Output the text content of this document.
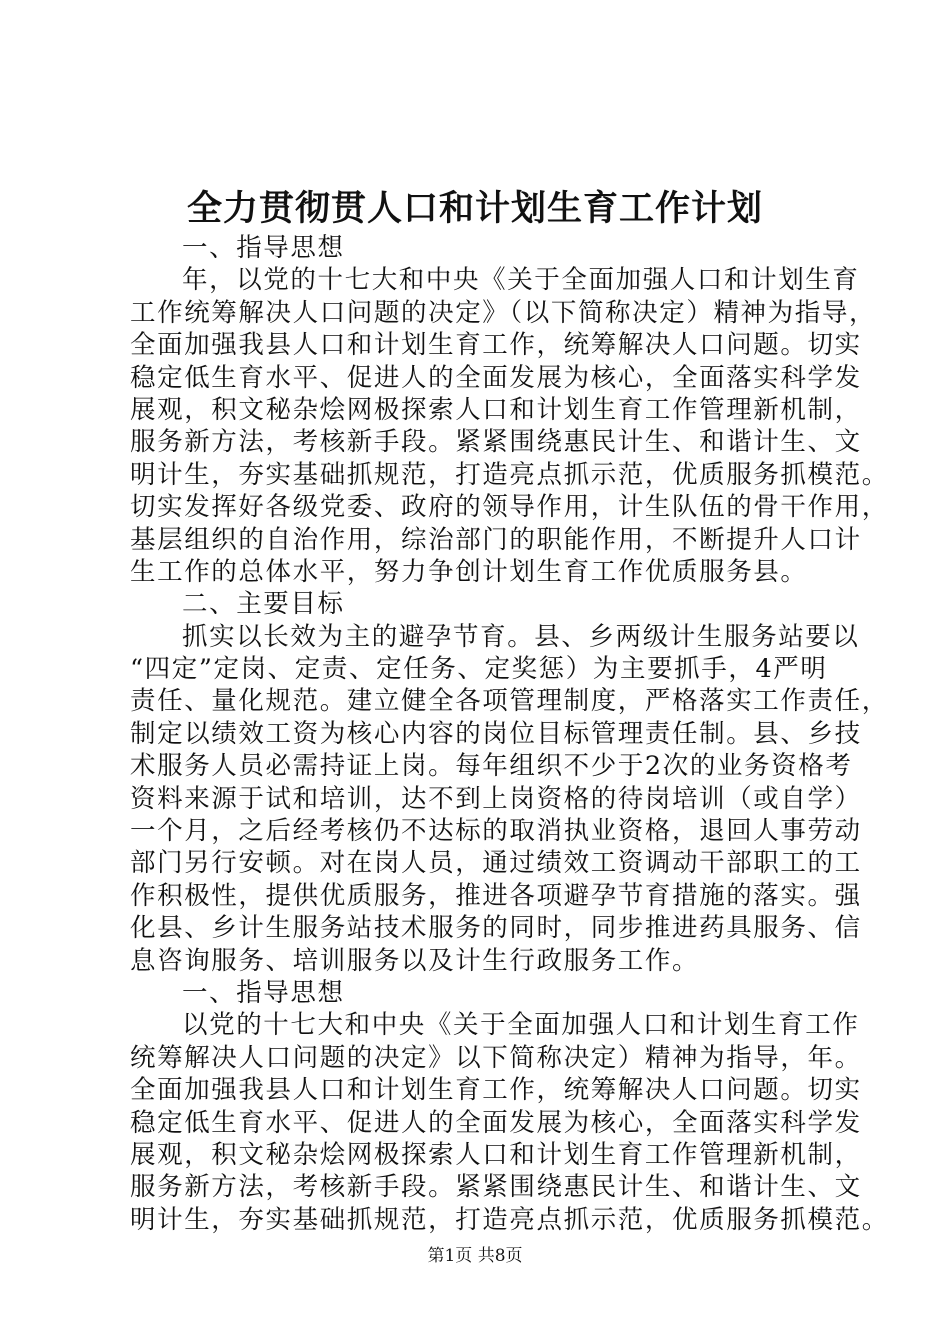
全力贯彻贯人口和计划生育工作计划
一、指导思想
年，以党的十七大和中央《关于全面加强人口和计划生育
工作统筹解决人口问题的决定》（以下简称决定）精神为指导，
全面加强我县人口和计划生育工作，统筹解决人口问题。切实
稳定低生育水平、促进人的全面发展为核心，全面落实科学发
展观，积文秘杂烩网极探索人口和计划生育工作管理新机制，
服务新方法，考核新手段。紧紧围绕惠民计生、和谐计生、文
明计生，夯实基础抓规范，打造亮点抓示范，优质服务抓模范。
切实发挥好各级党委、政府的领导作用，计生队伍的骨干作用，
基层组织的自治作用，综治部门的职能作用，不断提升人口计
生工作的总体水平，努力争创计划生育工作优质服务县。
二、主要目标
抓实以长效为主的避孕节育。县、乡两级计生服务站要以
“四定”定岗、定责、定任务、定奖惩）为主要抓手，4严明
责任、量化规范。建立健全各项管理制度，严格落实工作责任，
制定以绩效工资为核心内容的岗位目标管理责任制。县、乡技
术服务人员必需持证上岗。每年组织不少于2次的业务资格考
资料来源于试和培训，达不到上岗资格的待岗培训（或自学）
一个月，之后经考核仍不达标的取消执业资格，退回人事劳动
部门另行安顿。对在岗人员，通过绩效工资调动干部职工的工
作积极性，提供优质服务，推进各项避孕节育措施的落实。强
化县、乡计生服务站技术服务的同时，同步推进药具服务、信
息咨询服务、培训服务以及计生行政服务工作。
一、指导思想
以党的十七大和中央《关于全面加强人口和计划生育工作
统筹解决人口问题的决定》以下简称决定）精神为指导，年。
全面加强我县人口和计划生育工作，统筹解决人口问题。切实
稳定低生育水平、促进人的全面发展为核心，全面落实科学发
展观，积文秘杂烩网极探索人口和计划生育工作管理新机制，
服务新方法，考核新手段。紧紧围绕惠民计生、和谐计生、文
明计生，夯实基础抓规范，打造亮点抓示范，优质服务抓模范。
第1页 共8页
